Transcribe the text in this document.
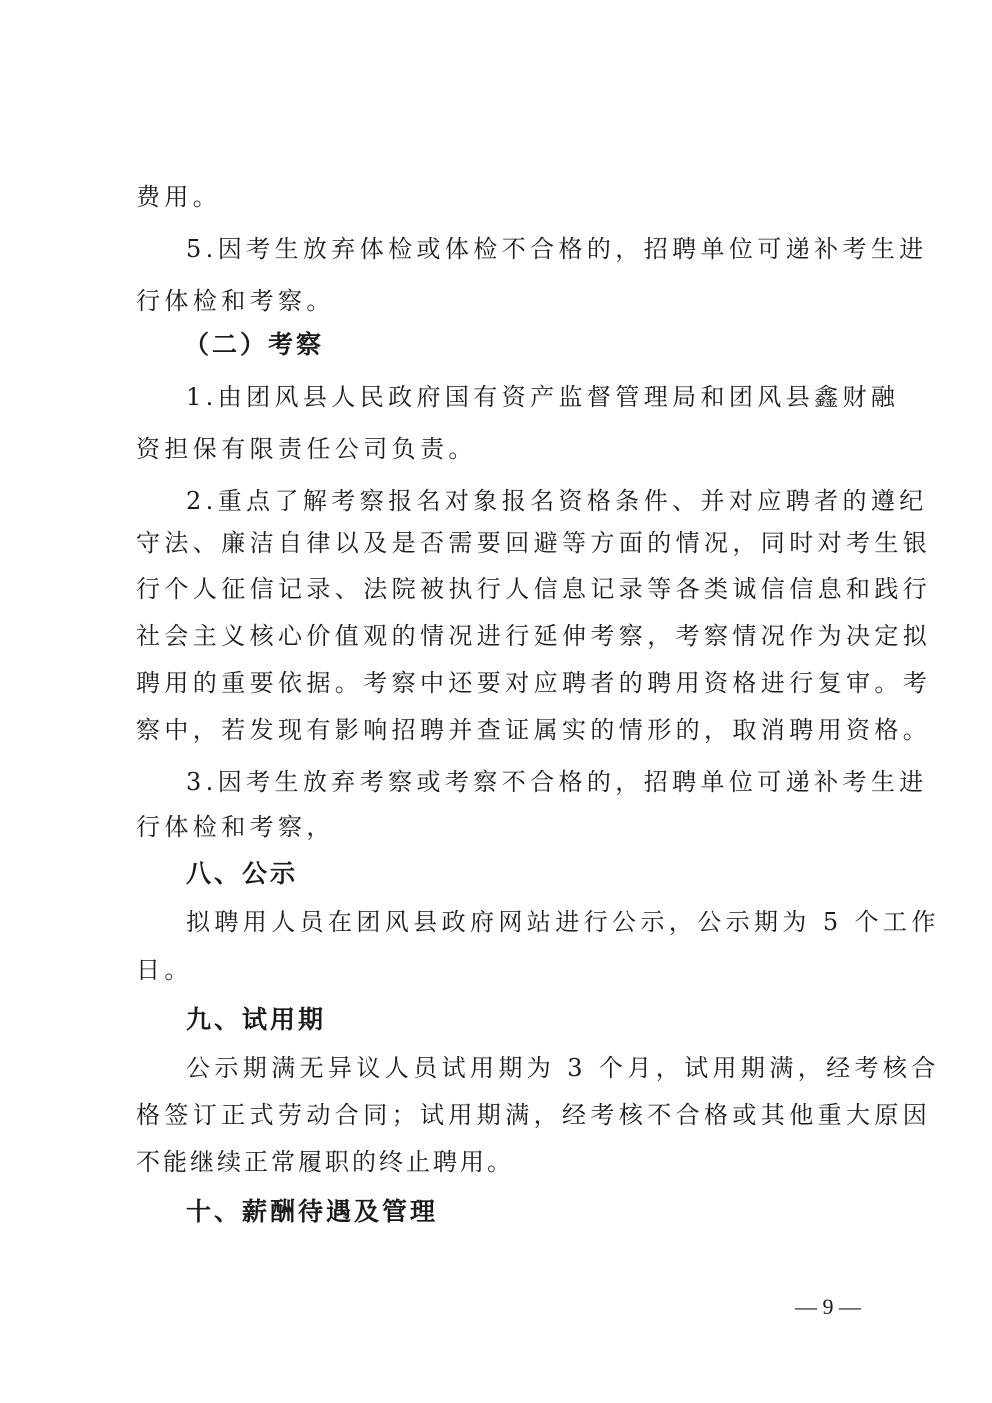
费用。
5.因考生放弃体检或体检不合格的，招聘单位可递补考生进
行体检和考察。
（二）考察
1.由团风县人民政府国有资产监督管理局和团风县鑫财融
资担保有限责任公司负责。
2.重点了解考察报名对象报名资格条件、并对应聘者的遵纪
守法、廉洁自律以及是否需要回避等方面的情况，同时对考生银
行个人征信记录、法院被执行人信息记录等各类诚信信息和践行
社会主义核心价值观的情况进行延伸考察，考察情况作为决定拟
聘用的重要依据。考察中还要对应聘者的聘用资格进行复审。考
察中，若发现有影响招聘并查证属实的情形的，取消聘用资格。
3.因考生放弃考察或考察不合格的，招聘单位可递补考生进
行体检和考察，
八、公示
拟聘用人员在团风县政府网站进行公示，公示期为 5 个工作
日。
九、试用期
公示期满无异议人员试用期为 3 个月，试用期满，经考核合
格签订正式劳动合同；试用期满，经考核不合格或其他重大原因
不能继续正常履职的终止聘用。
十、薪酬待遇及管理
— 9 —
